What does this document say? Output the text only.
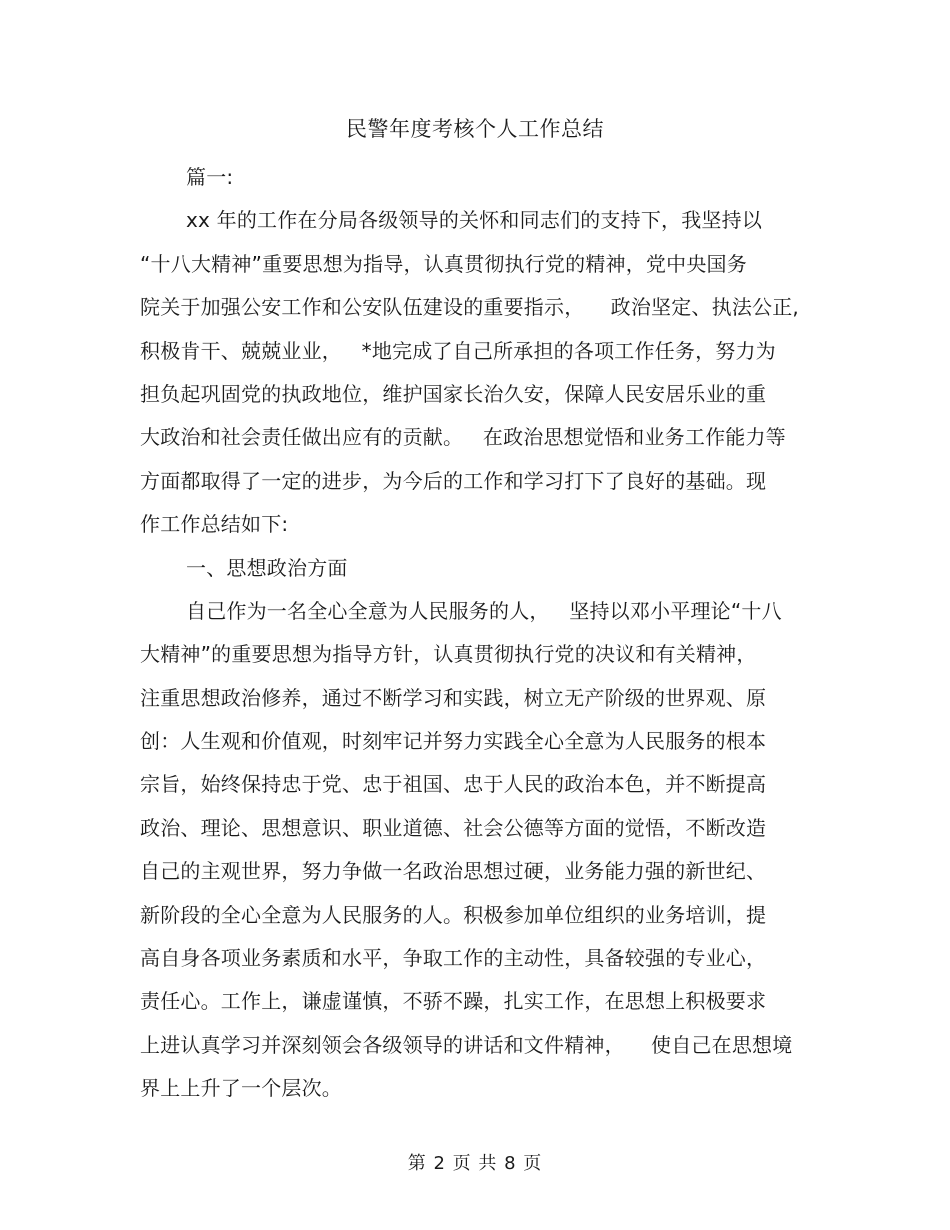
民警年度考核个人工作总结
篇一:
xx 年的工作在分局各级领导的关怀和同志们的支持下，我坚持以
“十八大精神”重要思想为指导，认真贯彻执行党的精神，党中央国务
院关于加强公安工作和公安队伍建设的重要指示，    政治坚定、执法公正,
积极肯干、兢兢业业，   *地完成了自己所承担的各项工作任务，努力为
担负起巩固党的执政地位，维护国家长治久安，保障人民安居乐业的重
大政治和社会责任做出应有的贡献。   在政治思想觉悟和业务工作能力等
方面都取得了一定的进步，为今后的工作和学习打下了良好的基础。现
作工作总结如下:
一、思想政治方面
自己作为一名全心全意为人民服务的人，   坚持以邓小平理论“十八
大精神”的重要思想为指导方针，认真贯彻执行党的决议和有关精神，
注重思想政治修养，通过不断学习和实践，树立无产阶级的世界观、原
创：人生观和价值观，时刻牢记并努力实践全心全意为人民服务的根本
宗旨，始终保持忠于党、忠于祖国、忠于人民的政治本色，并不断提高
政治、理论、思想意识、职业道德、社会公德等方面的觉悟，不断改造
自己的主观世界，努力争做一名政治思想过硬，业务能力强的新世纪、
新阶段的全心全意为人民服务的人。积极参加单位组织的业务培训，提
高自身各项业务素质和水平，争取工作的主动性，具备较强的专业心，
责任心。工作上，谦虚谨慎，不骄不躁，扎实工作，在思想上积极要求
上进认真学习并深刻领会各级领导的讲话和文件精神，    使自己在思想境
界上上升了一个层次。
第 2 页 共 8 页
